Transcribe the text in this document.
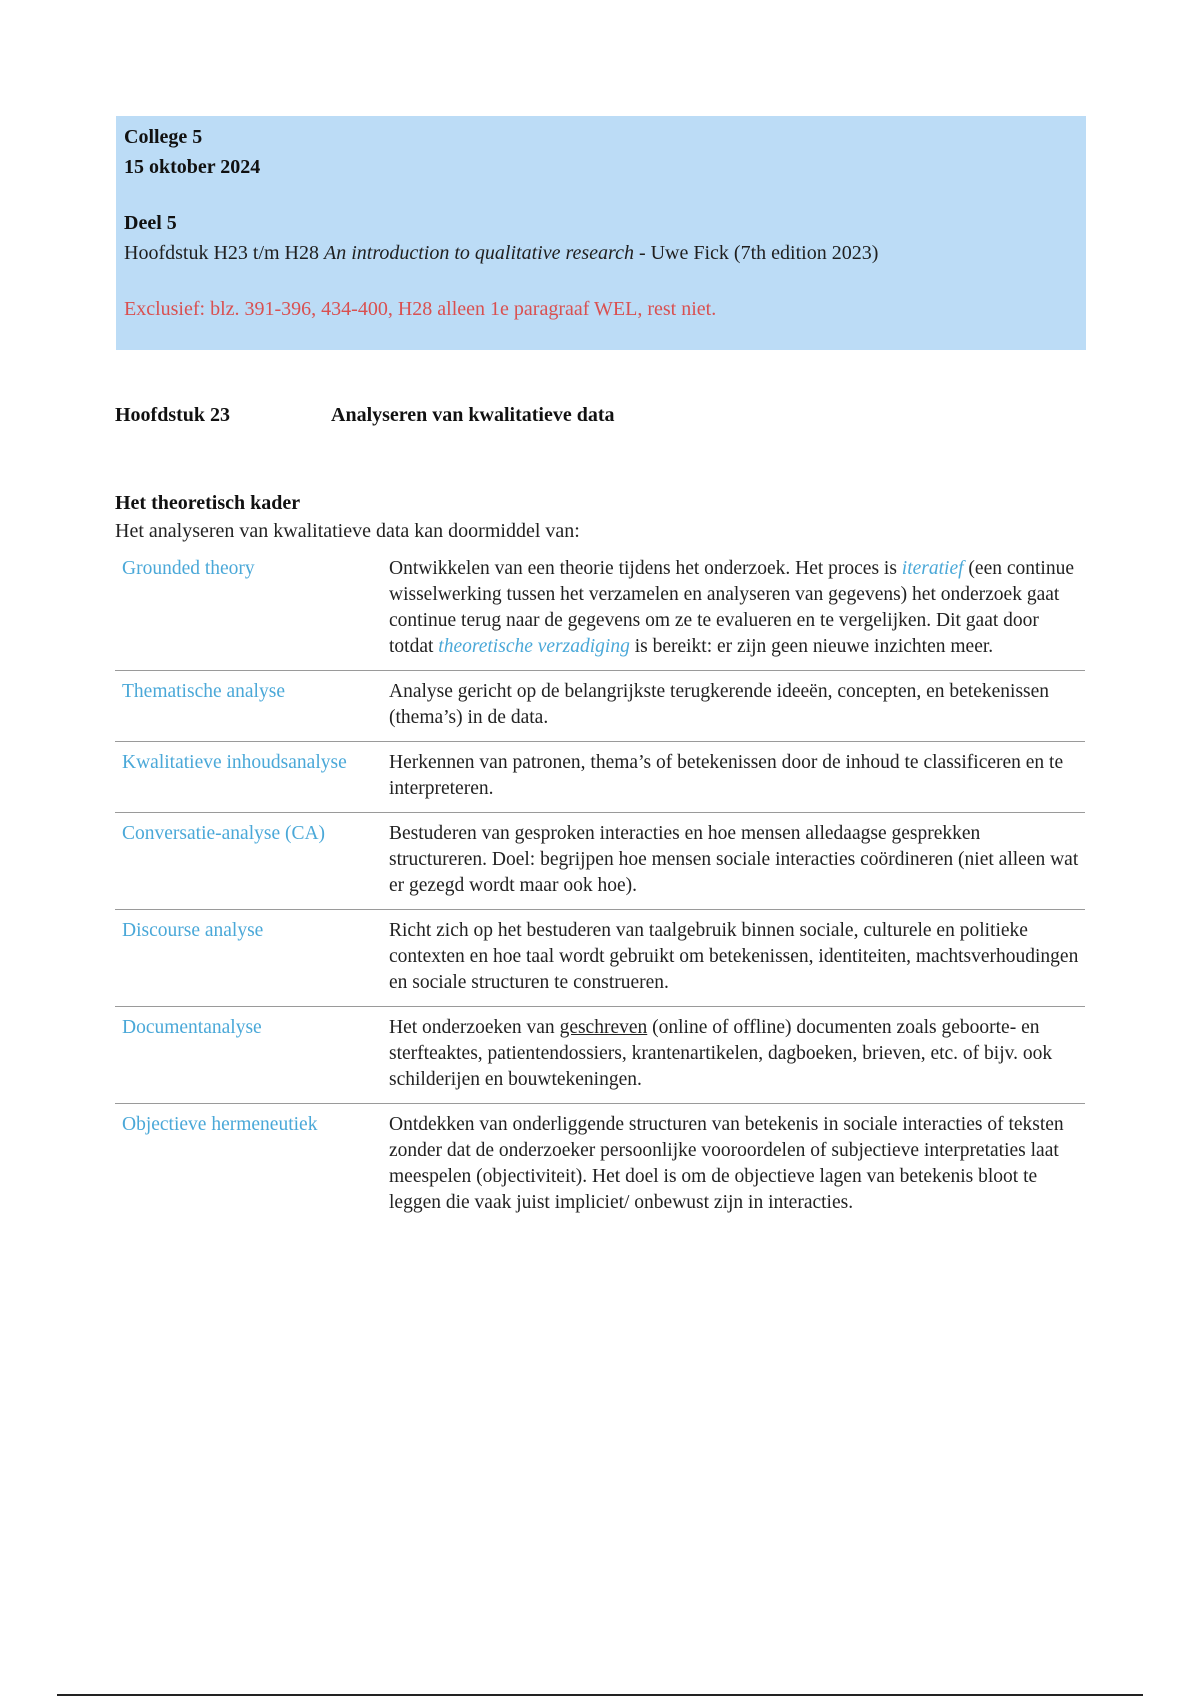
College 5
15 oktober 2024
Deel 5
Hoofdstuk H23 t/m H28 An introduction to qualitative research - Uwe Fick (7th edition 2023)
Exclusief: blz. 391-396, 434-400, H28 alleen 1e paragraaf WEL, rest niet.
Hoofdstuk 23	Analyseren van kwalitatieve data
Het theoretisch kader
Het analyseren van kwalitatieve data kan doormiddel van:
Grounded theory	Ontwikkelen van een theorie tijdens het onderzoek. Het proces is iteratief (een continue wisselwerking tussen het verzamelen en analyseren van gegevens) het onderzoek gaat continue terug naar de gegevens om ze te evalueren en te vergelijken. Dit gaat door totdat theoretische verzadiging is bereikt: er zijn geen nieuwe inzichten meer.
Thematische analyse	Analyse gericht op de belangrijkste terugkerende ideeën, concepten, en betekenissen (thema’s) in de data.
Kwalitatieve inhoudsanalyse	Herkennen van patronen, thema’s of betekenissen door de inhoud te classificeren en te interpreteren.
Conversatie-analyse (CA)	Bestuderen van gesproken interacties en hoe mensen alledaagse gesprekken structureren. Doel: begrijpen hoe mensen sociale interacties coördineren (niet alleen wat er gezegd wordt maar ook hoe).
Discourse analyse	Richt zich op het bestuderen van taalgebruik binnen sociale, culturele en politieke contexten en hoe taal wordt gebruikt om betekenissen, identiteiten, machtsverhoudingen en sociale structuren te construeren.
Documentanalyse	Het onderzoeken van geschreven (online of offline) documenten zoals geboorte- en sterfteaktes, patientendossiers, krantenartikelen, dagboeken, brieven, etc. of bijv. ook schilderijen en bouwtekeningen.
Objectieve hermeneutiek	Ontdekken van onderliggende structuren van betekenis in sociale interacties of teksten zonder dat de onderzoeker persoonlijke vooroordelen of subjectieve interpretaties laat meespelen (objectiviteit). Het doel is om de objectieve lagen van betekenis bloot te leggen die vaak juist impliciet/ onbewust zijn in interacties.
